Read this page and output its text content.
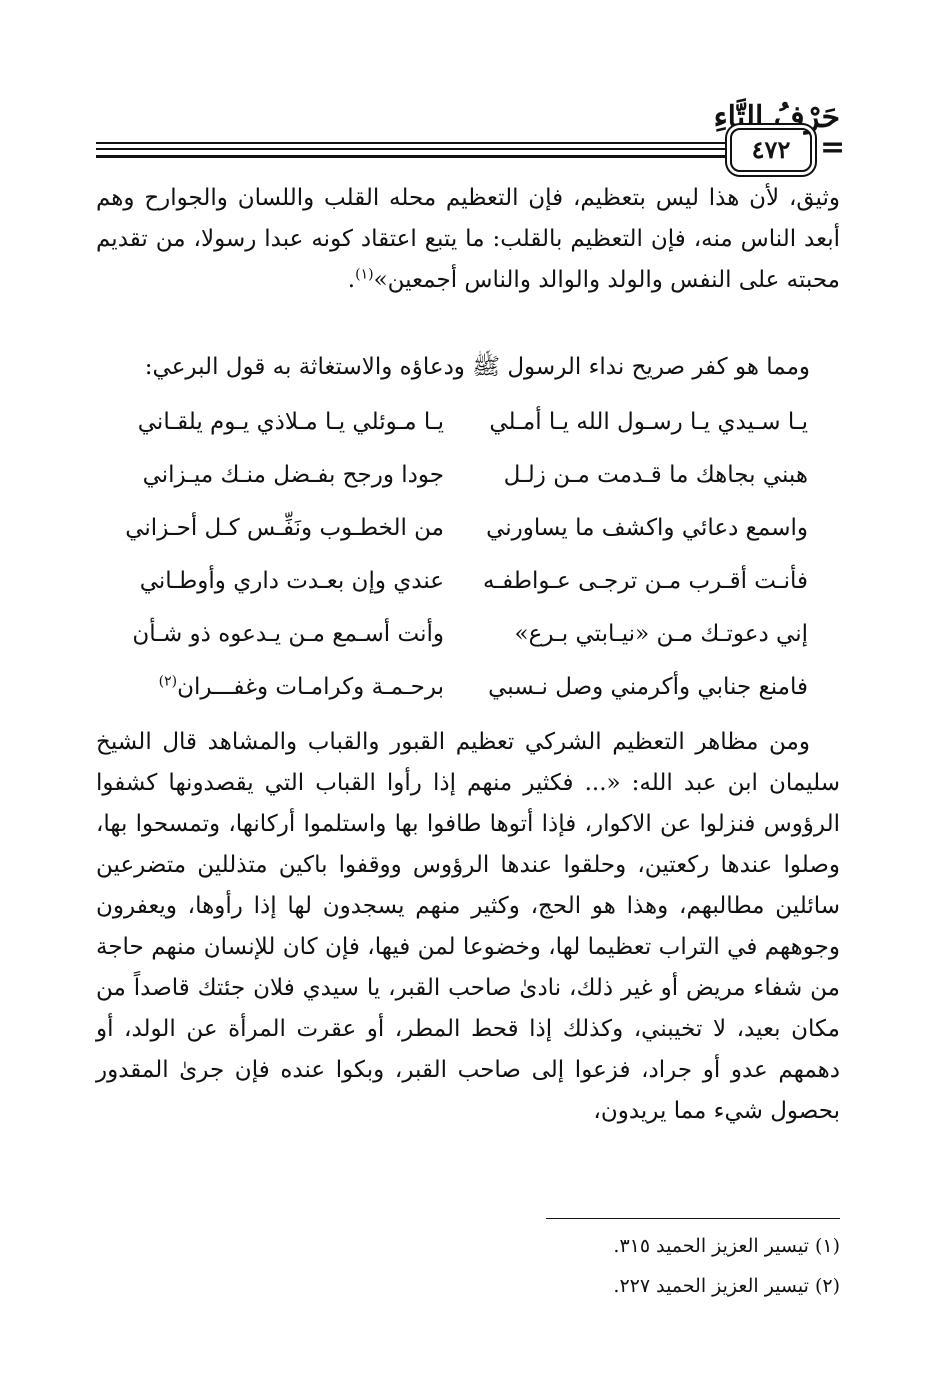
حَرْفُ التَّاءِ
٤٧٢ =
وثيق، لأن هذا ليس بتعظيم، فإن التعظيم محله القلب واللسان والجوارح وهم أبعد الناس منه، فإن التعظيم بالقلب: ما يتبع اعتقاد كونه عبدا رسولا، من تقديم محبته على النفس والولد والوالد والناس أجمعين»$^{(١)}$.
ومما هو كفر صريح نداء الرسول ﷺ ودعاؤه والاستغاثة به قول البرعي:
يـا سـيدي يـا رسـول الله يـا أمـلي
يـا مـوئلي يـا مـلاذي يـوم يلقـاني
هبني بجاهك ما قـدمت مـن زلـل
جودا ورجح بفـضل منـك ميـزاني
واسمع دعائي واكشف ما يساورني
من الخطـوب ونَفِّـس كـل أحـزاني
فأنـت أقـرب مـن ترجـى عـواطفـه
عندي وإن بعـدت داري وأوطـاني
إني دعوتـك مـن «نيـابتي بـرع»
وأنت أسـمع مـن يـدعوه ذو شـأن
فامنع جنابي وأكرمني وصل نـسبي
برحـمـة وكرامـات وغفـــران$^{(٢)}$
ومن مظاهر التعظيم الشركي تعظيم القبور والقباب والمشاهد قال الشيخ سليمان ابن عبد الله: «... فكثير منهم إذا رأوا القباب التي يقصدونها كشفوا الرؤوس فنزلوا عن الاكوار، فإذا أتوها طافوا بها واستلموا أركانها، وتمسحوا بها، وصلوا عندها ركعتين، وحلقوا عندها الرؤوس ووقفوا باكين متذللين متضرعين سائلين مطالبهم، وهذا هو الحج، وكثير منهم يسجدون لها إذا رأوها، ويعفرون وجوههم في التراب تعظيما لها، وخضوعا لمن فيها، فإن كان للإنسان منهم حاجة من شفاء مريض أو غير ذلك، نادىٰ صاحب القبر، يا سيدي فلان جئتك قاصداً من مكان بعيد، لا تخيبني، وكذلك إذا قحط المطر، أو عقرت المرأة عن الولد، أو دهمهم عدو أو جراد، فزعوا إلى صاحب القبر، وبكوا عنده فإن جرىٰ المقدور بحصول شيء مما يريدون،
(١) تيسير العزيز الحميد ٣١٥.
(٢) تيسير العزيز الحميد ٢٢٧.
